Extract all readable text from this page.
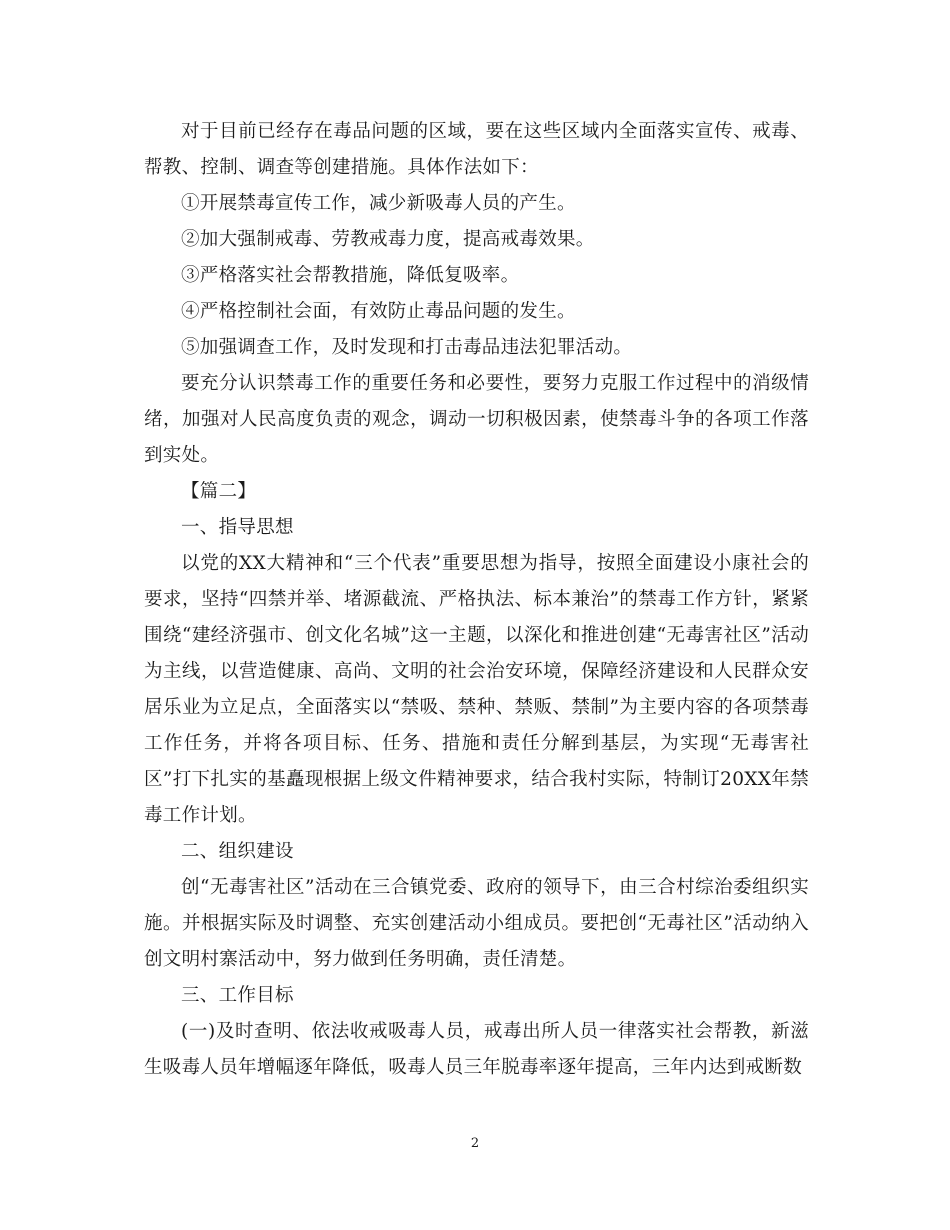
对于目前已经存在毒品问题的区域，要在这些区域内全面落实宣传、戒毒、帮教、控制、调查等创建措施。具体作法如下：

①开展禁毒宣传工作，减少新吸毒人员的产生。

②加大强制戒毒、劳教戒毒力度，提高戒毒效果。

③严格落实社会帮教措施，降低复吸率。

④严格控制社会面，有效防止毒品问题的发生。

⑤加强调查工作，及时发现和打击毒品违法犯罪活动。

要充分认识禁毒工作的重要任务和必要性，要努力克服工作过程中的消级情绪，加强对人民高度负责的观念，调动一切积极因素，使禁毒斗争的各项工作落到实处。

【篇二】

一、指导思想

以党的XX大精神和“三个代表”重要思想为指导，按照全面建设小康社会的要求，坚持“四禁并举、堵源截流、严格执法、标本兼治”的禁毒工作方针，紧紧围绕“建经济强市、创文化名城”这一主题，以深化和推进创建“无毒害社区”活动为主线，以营造健康、高尚、文明的社会治安环境，保障经济建设和人民群众安居乐业为立足点，全面落实以“禁吸、禁种、禁贩、禁制”为主要内容的各项禁毒工作任务，并将各项目标、任务、措施和责任分解到基层，为实现“无毒害社区”打下扎实的基矗现根据上级文件精神要求，结合我村实际，特制订20XX年禁毒工作计划。

二、组织建设

创“无毒害社区”活动在三合镇党委、政府的领导下，由三合村综治委组织实施。并根据实际及时调整、充实创建活动小组成员。要把创“无毒社区”活动纳入创文明村寨活动中，努力做到任务明确，责任清楚。

三、工作目标

(一)及时查明、依法收戒吸毒人员，戒毒出所人员一律落实社会帮教，新滋生吸毒人员年增幅逐年降低，吸毒人员三年脱毒率逐年提高，三年内达到戒断数

2
